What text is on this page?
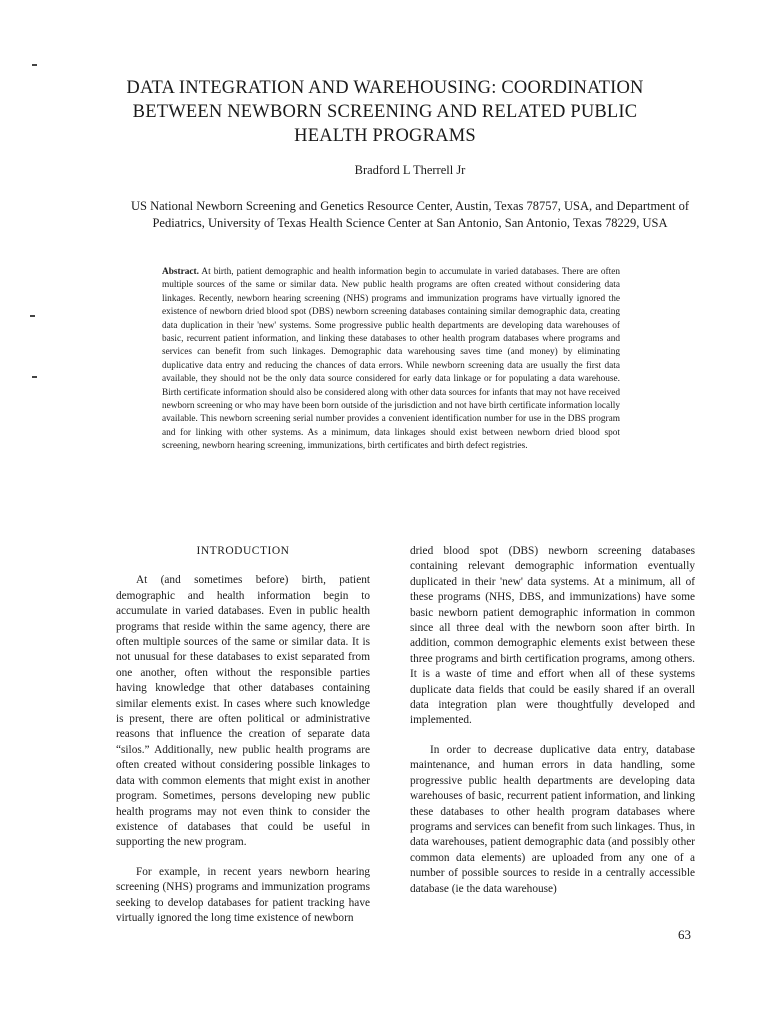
DATA INTEGRATION AND WAREHOUSING: COORDINATION BETWEEN NEWBORN SCREENING AND RELATED PUBLIC HEALTH PROGRAMS
Bradford L Therrell Jr
US National Newborn Screening and Genetics Resource Center, Austin, Texas 78757, USA, and Department of Pediatrics, University of Texas Health Science Center at San Antonio, San Antonio, Texas 78229, USA
Abstract. At birth, patient demographic and health information begin to accumulate in varied databases. There are often multiple sources of the same or similar data. New public health programs are often created without considering data linkages. Recently, newborn hearing screening (NHS) programs and immunization programs have virtually ignored the existence of newborn dried blood spot (DBS) newborn screening databases containing similar demographic data, creating data duplication in their 'new' systems. Some progressive public health departments are developing data warehouses of basic, recurrent patient information, and linking these databases to other health program databases where programs and services can benefit from such linkages. Demographic data warehousing saves time (and money) by eliminating duplicative data entry and reducing the chances of data errors. While newborn screening data are usually the first data available, they should not be the only data source considered for early data linkage or for populating a data warehouse. Birth certificate information should also be considered along with other data sources for infants that may not have received newborn screening or who may have been born outside of the jurisdiction and not have birth certificate information locally available. This newborn screening serial number provides a convenient identification number for use in the DBS program and for linking with other systems. As a minimum, data linkages should exist between newborn dried blood spot screening, newborn hearing screening, immunizations, birth certificates and birth defect registries.
INTRODUCTION

At (and sometimes before) birth, patient demographic and health information begin to accumulate in varied databases. Even in public health programs that reside within the same agency, there are often multiple sources of the same or similar data. It is not unusual for these databases to exist separated from one another, often without the responsible parties having knowledge that other databases containing similar elements exist. In cases where such knowledge is present, there are often political or administrative reasons that influence the creation of separate data “silos.” Additionally, new public health programs are often created without considering possible linkages to data with common elements that might exist in another program. Sometimes, persons developing new public health programs may not even think to consider the existence of databases that could be useful in supporting the new program.

For example, in recent years newborn hearing screening (NHS) programs and immunization programs seeking to develop databases for patient tracking have virtually ignored the long time existence of newborn

dried blood spot (DBS) newborn screening databases containing relevant demographic information eventually duplicated in their 'new' data systems. At a minimum, all of these programs (NHS, DBS, and immunizations) have some basic newborn patient demographic information in common since all three deal with the newborn soon after birth. In addition, common demographic elements exist between these three programs and birth certification programs, among others. It is a waste of time and effort when all of these systems duplicate data fields that could be easily shared if an overall data integration plan were thoughtfully developed and implemented.

In order to decrease duplicative data entry, database maintenance, and human errors in data handling, some progressive public health departments are developing data warehouses of basic, recurrent patient information, and linking these databases to other health program databases where programs and services can benefit from such linkages. Thus, in data warehouses, patient demographic data (and possibly other common data elements) are uploaded from any one of a number of possible sources to reside in a centrally accessible database (ie the data warehouse)

63
